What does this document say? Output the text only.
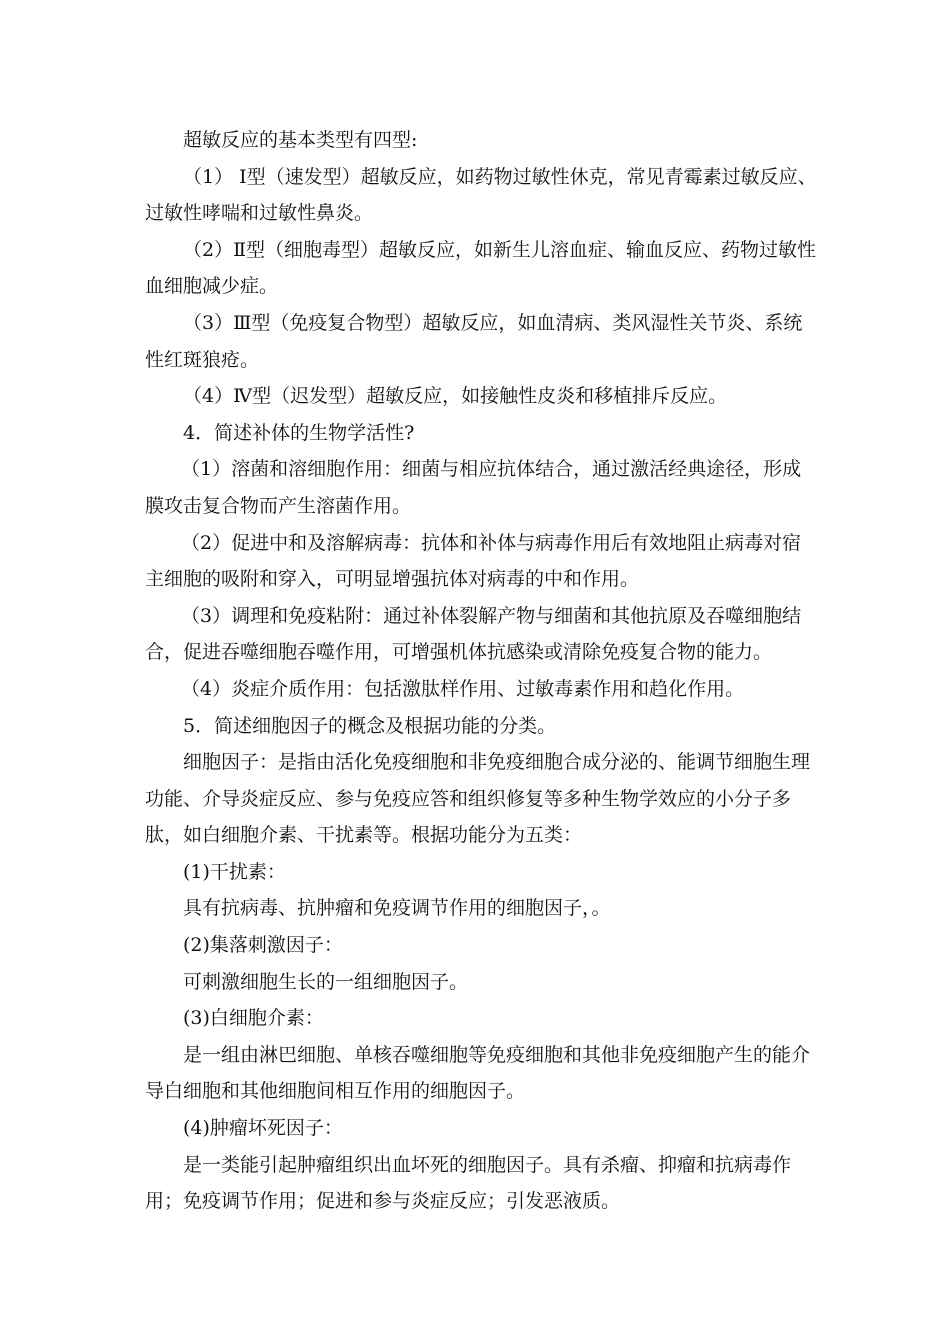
超敏反应的基本类型有四型:

（1） Ⅰ型（速发型）超敏反应，如药物过敏性休克，常见青霉素过敏反应、过敏性哮喘和过敏性鼻炎。

（2）Ⅱ型（细胞毒型）超敏反应，如新生儿溶血症、输血反应、药物过敏性血细胞减少症。

（3）Ⅲ型（免疫复合物型）超敏反应，如血清病、类风湿性关节炎、系统性红斑狼疮。

（4）Ⅳ型（迟发型）超敏反应，如接触性皮炎和移植排斥反应。

4．简述补体的生物学活性?

（1）溶菌和溶细胞作用：细菌与相应抗体结合，通过激活经典途径，形成膜攻击复合物而产生溶菌作用。

（2）促进中和及溶解病毒：抗体和补体与病毒作用后有效地阻止病毒对宿主细胞的吸附和穿入，可明显增强抗体对病毒的中和作用。

（3）调理和免疫粘附：通过补体裂解产物与细菌和其他抗原及吞噬细胞结合，促进吞噬细胞吞噬作用，可增强机体抗感染或清除免疫复合物的能力。

（4）炎症介质作用：包括激肽样作用、过敏毒素作用和趋化作用。

5．简述细胞因子的概念及根据功能的分类。

细胞因子：是指由活化免疫细胞和非免疫细胞合成分泌的、能调节细胞生理功能、介导炎症反应、参与免疫应答和组织修复等多种生物学效应的小分子多肽，如白细胞介素、干扰素等。根据功能分为五类：

(1)干扰素：

具有抗病毒、抗肿瘤和免疫调节作用的细胞因子，。

(2)集落刺激因子：

可刺激细胞生长的一组细胞因子。

(3)白细胞介素：

是一组由淋巴细胞、单核吞噬细胞等免疫细胞和其他非免疫细胞产生的能介导白细胞和其他细胞间相互作用的细胞因子。

(4)肿瘤坏死因子：

是一类能引起肿瘤组织出血坏死的细胞因子。具有杀瘤、抑瘤和抗病毒作用；免疫调节作用；促进和参与炎症反应；引发恶液质。
